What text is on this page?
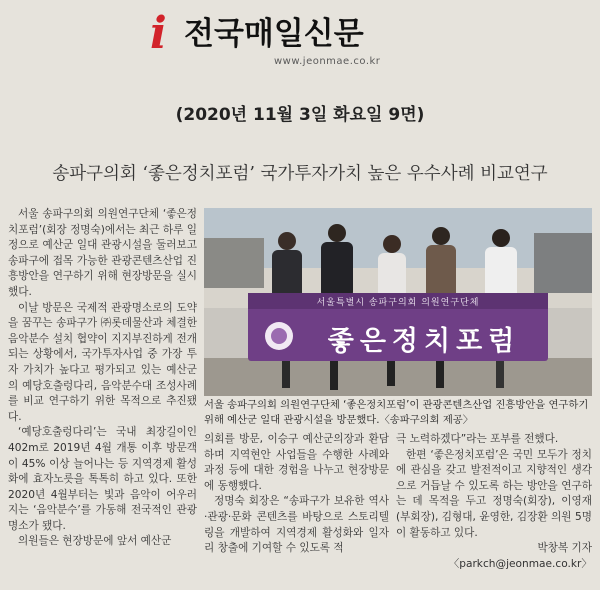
i 전국매일신문
www.jeonmae.co.kr
(2020년 11월 3일 화요일 9면)
송파구의회 ‘좋은정치포럼’ 국가투자가치 높은 우수사례 비교연구

서울 송파구의회 의원연구단체 ‘좋은정치포럼’(회장 정명숙)에서는 최근 하루 일정으로 예산군 일대 관광시설을 둘러보고 송파구에 접목 가능한 관광콘텐츠산업 진흥방안을 연구하기 위해 현장방문을 실시했다.

이날 방문은 국제적 관광명소로의 도약을 꿈꾸는 송파구가 ㈜롯데물산과 체결한 음악분수 설치 협약이 지지부진하게 전개되는 상황에서, 국가투자사업 중 가장 투자 가치가 높다고 평가되고 있는 예산군의 예당호출렁다리, 음악분수대 조성사례를 비교 연구하기 위한 목적으로 추진됐다.

‘예당호출렁다리’는 국내 최장길이인 402m로 2019년 4월 개통 이후 방문객이 45% 이상 늘어나는 등 지역경제 활성화에 효자노릇을 톡톡히 하고 있다. 또한 2020년 4월부터는 빛과 음악이 어우러지는 ‘음악분수’를 가동해 전국적인 관광명소가 됐다.

의원들은 현장방문에 앞서 예산군

서울특별시 송파구의회 의원연구단체
좋은정치포럼
서울 송파구의회 의원연구단체 ‘좋은정치포럼’이 관광콘텐츠산업 진흥방안을 연구하기 위해 예산군 일대 관광시설을 방문했다.〈송파구의회 제공〉

의회를 방문, 이승구 예산군의장과 환담하며 지역현안 사업들을 수행한 사례와 과정 등에 대한 경험을 나누고 현장방문에 동행했다.

정명숙 회장은 “송파구가 보유한 역사·관광·문화 콘텐츠를 바탕으로 스토리텔링을 개발하여 지역경제 활성화와 일자리 창출에 기여할 수 있도록 적

극 노력하겠다”라는 포부를 전했다.

한편 ‘좋은정치포럼’은 국민 모두가 정치에 관심을 갖고 발전적이고 지향적인 생각으로 거듭날 수 있도록 하는 방안을 연구하는 데 목적을 두고 정명숙(회장), 이영재(부회장), 김형대, 윤영한, 김장환 의원 5명이 활동하고 있다.

박창복 기자 〈parkch@jeonmae.co.kr〉
